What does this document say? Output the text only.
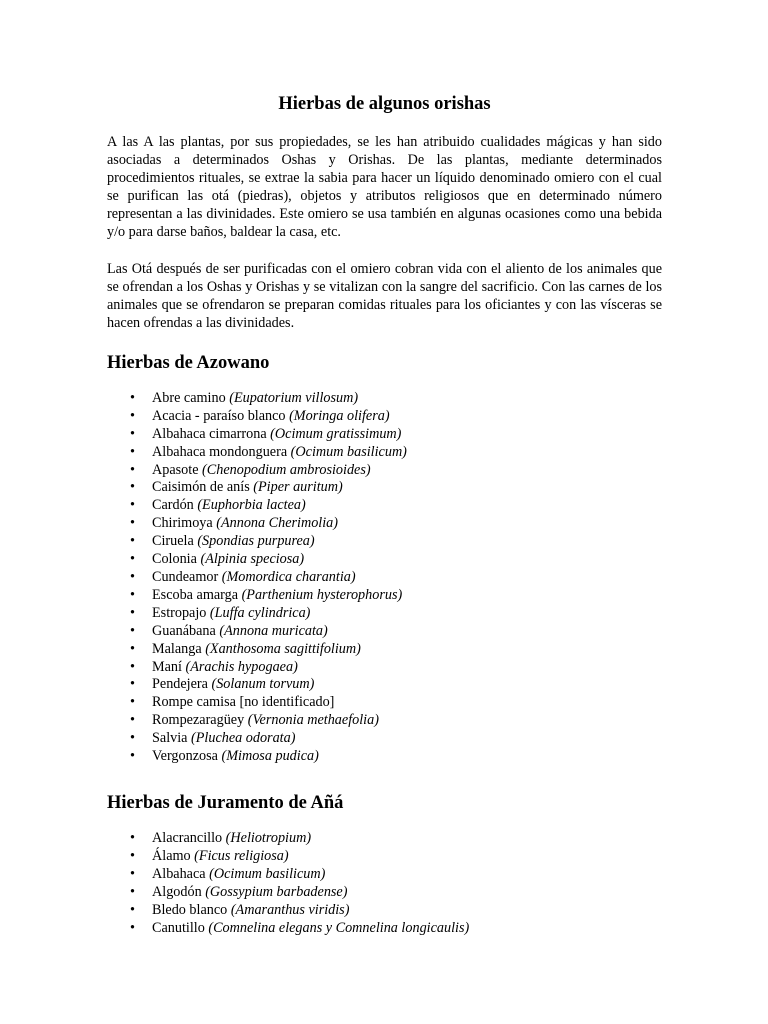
Hierbas de algunos orishas

A las A las plantas, por sus propiedades, se les han atribuido cualidades mágicas y han sido asociadas a determinados Oshas y Orishas. De las plantas, mediante determinados procedimientos rituales, se extrae la sabia para hacer un líquido denominado omiero con el cual se purifican las otá (piedras), objetos y atributos religiosos que en determinado número representan a las divinidades. Este omiero se usa también en algunas ocasiones como una bebida y/o para darse baños, baldear la casa, etc.

Las Otá después de ser purificadas con el omiero cobran vida con el aliento de los animales que se ofrendan a los Oshas y Orishas y se vitalizan con la sangre del sacrificio. Con las carnes de los animales que se ofrendaron se preparan comidas rituales para los oficiantes y con las vísceras se hacen ofrendas a las divinidades.

Hierbas de Azowano
• Abre camino (Eupatorium villosum)
• Acacia - paraíso blanco (Moringa olifera)
• Albahaca cimarrona (Ocimum gratissimum)
• Albahaca mondonguera (Ocimum basilicum)
• Apasote (Chenopodium ambrosioides)
• Caisimón de anís (Piper auritum)
• Cardón (Euphorbia lactea)
• Chirimoya (Annona Cherimolia)
• Ciruela (Spondias purpurea)
• Colonia (Alpinia speciosa)
• Cundeamor (Momordica charantia)
• Escoba amarga (Parthenium hysterophorus)
• Estropajo (Luffa cylindrica)
• Guanábana (Annona muricata)
• Malanga (Xanthosoma sagittifolium)
• Maní (Arachis hypogaea)
• Pendejera (Solanum torvum)
• Rompe camisa [no identificado]
• Rompezaragüey (Vernonia methaefolia)
• Salvia (Pluchea odorata)
• Vergonzosa (Mimosa pudica)
Hierbas de Juramento de Añá
• Alacrancillo (Heliotropium)
• Álamo (Ficus religiosa)
• Albahaca (Ocimum basilicum)
• Algodón (Gossypium barbadense)
• Bledo blanco (Amaranthus viridis)
• Canutillo (Comnelina elegans y Comnelina longicaulis)
